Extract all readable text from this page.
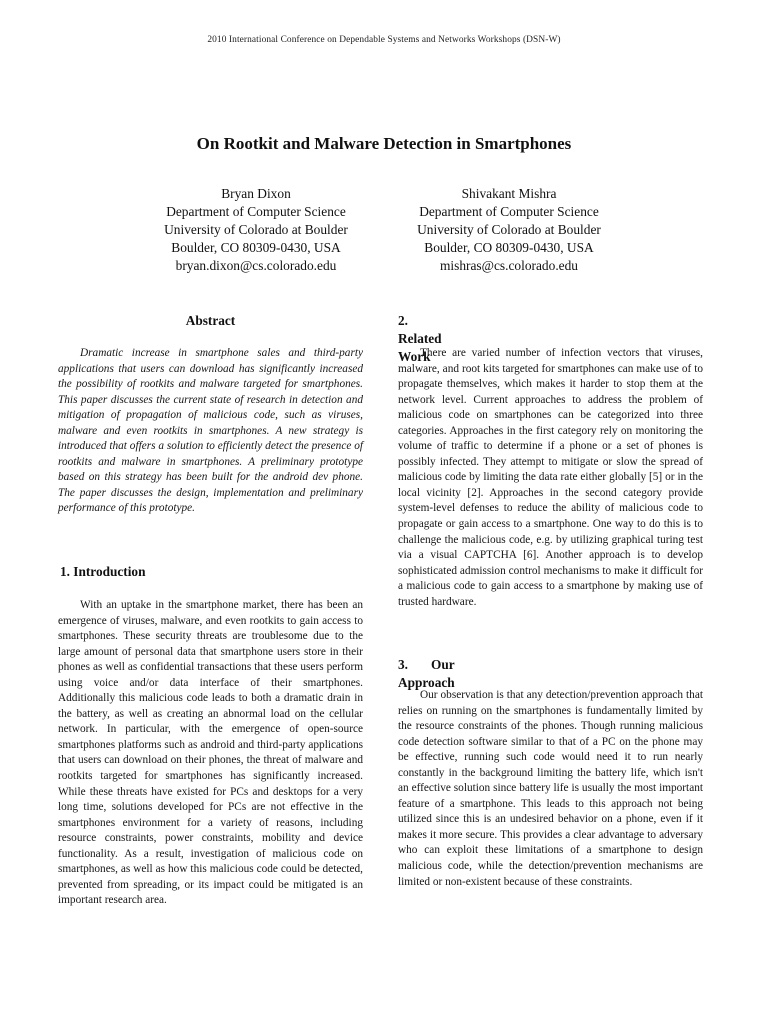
2010 International Conference on Dependable Systems and Networks Workshops (DSN-W)
On Rootkit and Malware Detection in Smartphones
Bryan Dixon
Department of Computer Science
University of Colorado at Boulder
Boulder, CO 80309-0430, USA
bryan.dixon@cs.colorado.edu
Shivakant Mishra
Department of Computer Science
University of Colorado at Boulder
Boulder, CO 80309-0430, USA
mishras@cs.colorado.edu
Abstract

Dramatic increase in smartphone sales and third-party applications that users can download has significantly increased the possibility of rootkits and malware targeted for smartphones. This paper discusses the current state of research in detection and mitigation of propagation of malicious code, such as viruses, malware and even rootkits in smartphones. A new strategy is introduced that offers a solution to efficiently detect the presence of rootkits and malware in smartphones. A preliminary prototype based on this strategy has been built for the android dev phone. The paper discusses the design, implementation and preliminary performance of this prototype.

1. Introduction

With an uptake in the smartphone market, there has been an emergence of viruses, malware, and even rootkits to gain access to smartphones. These security threats are troublesome due to the large amount of personal data that smartphone users store in their phones as well as confidential transactions that these users perform using voice and/or data interface of their smartphones. Additionally this malicious code leads to both a dramatic drain in the battery, as well as creating an abnormal load on the cellular network. In particular, with the emergence of open-source smartphones platforms such as android and third-party applications that users can download on their phones, the threat of malware and rootkits targeted for smartphones has significantly increased. While these threats have existed for PCs and desktops for a very long time, solutions developed for PCs are not effective in the smartphones environment for a variety of reasons, including resource constraints, power constraints, mobility and device functionality. As a result, investigation of malicious code on smartphones, as well as how this malicious code could be detected, prevented from spreading, or its impact could be mitigated is an important research area.

2. Related Work

There are varied number of infection vectors that viruses, malware, and root kits targeted for smartphones can make use of to propagate themselves, which makes it harder to stop them at the network level. Current approaches to address the problem of malicious code on smartphones can be categorized into three categories. Approaches in the first category rely on monitoring the volume of traffic to determine if a phone or a set of phones is possibly infected. They attempt to mitigate or slow the spread of malicious code by limiting the data rate either globally [5] or in the local vicinity [2]. Approaches in the second category provide system-level defenses to reduce the ability of malicious code to propagate or gain access to a smartphone. One way to do this is to challenge the malicious code, e.g. by utilizing graphical turing test via a visual CAPTCHA [6]. Another approach is to develop sophisticated admission control mechanisms to make it difficult for a malicious code to gain access to a smartphone by making use of trusted hardware.

3. Our Approach

Our observation is that any detection/prevention approach that relies on running on the smartphones is fundamentally limited by the resource constraints of the phones. Though running malicious code detection software similar to that of a PC on the phone may be effective, running such code would need it to run nearly constantly in the background limiting the battery life, which isn't an effective solution since battery life is usually the most important feature of a smartphone. This leads to this approach not being utilized since this is an undesired behavior on a phone, even if it makes it more secure. This provides a clear advantage to adversary who can exploit these limitations of a smartphone to design malicious code, while the detection/prevention mechanisms are limited or non-existent because of these constraints.
